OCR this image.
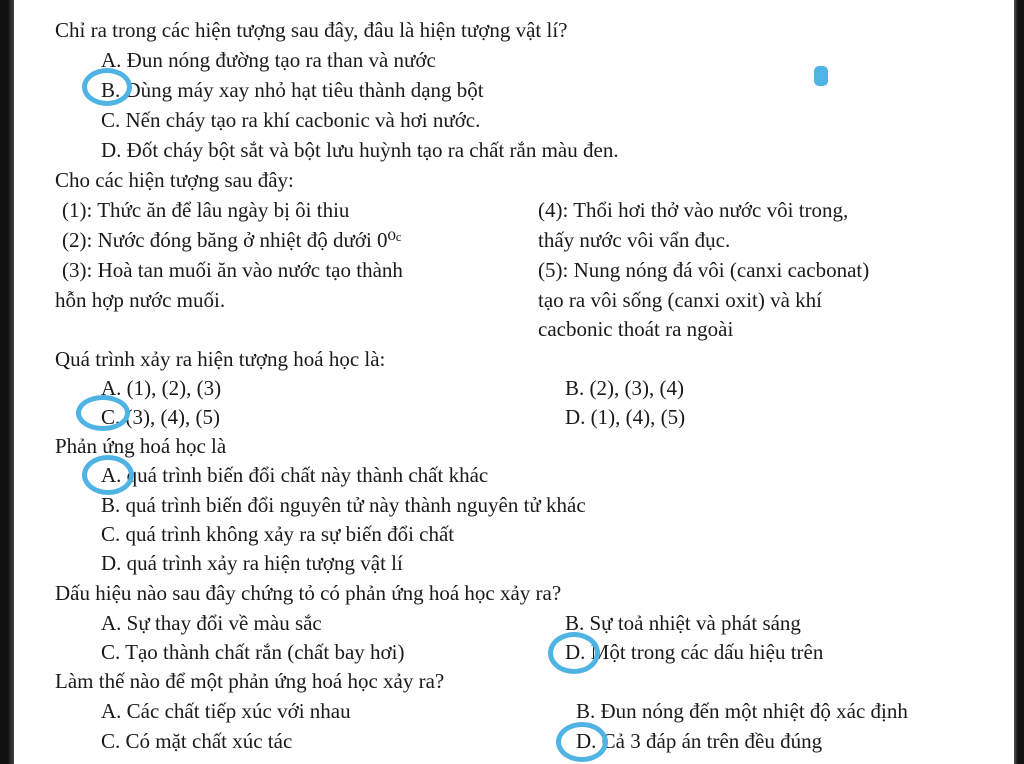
Chỉ ra trong các hiện tượng sau đây, đâu là hiện tượng vật lí?
A. Đun nóng đường tạo ra than và nước
B. Dùng máy xay nhỏ hạt tiêu thành dạng bột
C. Nến cháy tạo ra khí cacbonic và hơi nước.
D. Đốt cháy bột sắt và bột lưu huỳnh tạo ra chất rắn màu đen.
Cho các hiện tượng sau đây:
(1): Thức ăn để lâu ngày bị ôi thiu
(2): Nước đóng băng ở nhiệt độ dưới 0⁰ᶜ
(3): Hoà tan muối ăn vào nước tạo thành
hỗn hợp nước muối.
(4): Thổi hơi thở vào nước vôi trong,
thấy nước vôi vẩn đục.
(5): Nung nóng đá vôi (canxi cacbonat)
tạo ra vôi sống (canxi oxit) và khí
cacbonic thoát ra ngoài
Quá trình xảy ra hiện tượng hoá học là:
A. (1), (2), (3)	B. (2), (3), (4)
C. (3), (4), (5)	D. (1), (4), (5)
Phản ứng hoá học là
A. quá trình biến đổi chất này thành chất khác
B. quá trình biến đổi nguyên tử này thành nguyên tử khác
C. quá trình không xảy ra sự biến đổi chất
D. quá trình xảy ra hiện tượng vật lí
Dấu hiệu nào sau đây chứng tỏ có phản ứng hoá học xảy ra?
A. Sự thay đổi về màu sắc	B. Sự toả nhiệt và phát sáng
C. Tạo thành chất rắn (chất bay hơi)	D. Một trong các dấu hiệu trên
Làm thế nào để một phản ứng hoá học xảy ra?
A. Các chất tiếp xúc với nhau	B. Đun nóng đến một nhiệt độ xác định
C. Có mặt chất xúc tác	D. Cả 3 đáp án trên đều đúng
